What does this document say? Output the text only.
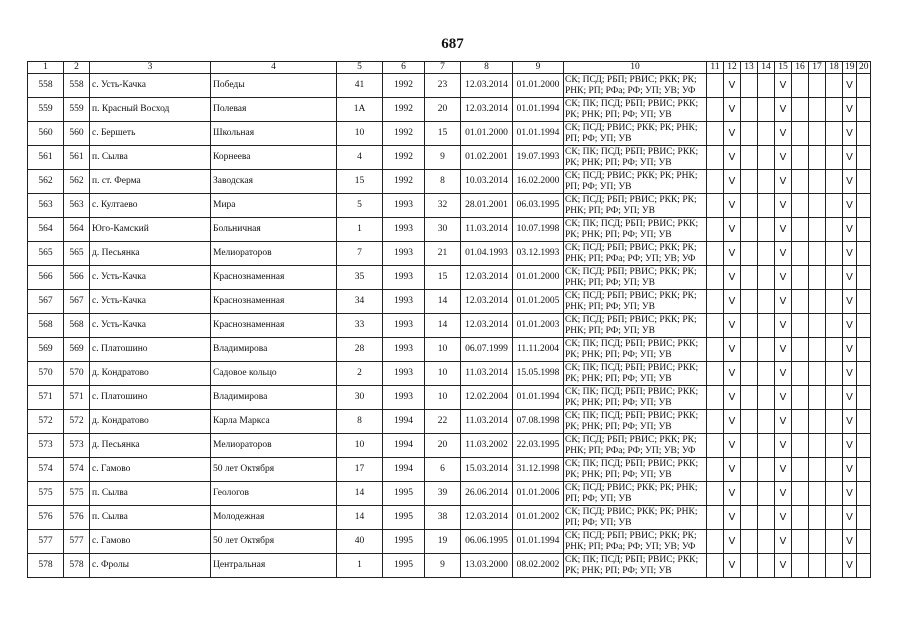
687
1	2	3	4	5	6	7	8	9	10	11	12	13	14	15	16	17	18	19	20
558	558	с. Усть-Качка	Победы	41	1992	23	12.03.2014	01.01.2000	СК; ПСД; РБП; РВИС; РКК; РК; РНК; РП; РФа; РФ; УП; УВ; УФ		V			V				V	
559	559	п. Красный Восход	Полевая	1А	1992	20	12.03.2014	01.01.1994	СК; ПК; ПСД; РБП; РВИС; РКК; РК; РНК; РП; РФ; УП; УВ		V			V				V	
560	560	с. Бершеть	Школьная	10	1992	15	01.01.2000	01.01.1994	СК; ПСД; РВИС; РКК; РК; РНК; РП; РФ; УП; УВ		V			V				V	
561	561	п. Сылва	Корнеева	4	1992	9	01.02.2001	19.07.1993	СК; ПК; ПСД; РБП; РВИС; РКК; РК; РНК; РП; РФ; УП; УВ		V			V				V	
562	562	п. ст. Ферма	Заводская	15	1992	8	10.03.2014	16.02.2000	СК; ПСД; РВИС; РКК; РК; РНК; РП; РФ; УП; УВ		V			V				V	
563	563	с. Култаево	Мира	5	1993	32	28.01.2001	06.03.1995	СК; ПСД; РБП; РВИС; РКК; РК; РНК; РП; РФ; УП; УВ		V			V				V	
564	564	Юго-Камский	Больничная	1	1993	30	11.03.2014	10.07.1998	СК; ПК; ПСД; РБП; РВИС; РКК; РК; РНК; РП; РФ; УП; УВ		V			V				V	
565	565	д. Песьянка	Мелиораторов	7	1993	21	01.04.1993	03.12.1993	СК; ПСД; РБП; РВИС; РКК; РК; РНК; РП; РФа; РФ; УП; УВ; УФ		V			V				V	
566	566	с. Усть-Качка	Краснознаменная	35	1993	15	12.03.2014	01.01.2000	СК; ПСД; РБП; РВИС; РКК; РК; РНК; РП; РФ; УП; УВ		V			V				V	
567	567	с. Усть-Качка	Краснознаменная	34	1993	14	12.03.2014	01.01.2005	СК; ПСД; РБП; РВИС; РКК; РК; РНК; РП; РФ; УП; УВ		V			V				V	
568	568	с. Усть-Качка	Краснознаменная	33	1993	14	12.03.2014	01.01.2003	СК; ПСД; РБП; РВИС; РКК; РК; РНК; РП; РФ; УП; УВ		V			V				V	
569	569	с. Платошино	Владимирова	28	1993	10	06.07.1999	11.11.2004	СК; ПК; ПСД; РБП; РВИС; РКК; РК; РНК; РП; РФ; УП; УВ		V			V				V	
570	570	д. Кондратово	Садовое кольцо	2	1993	10	11.03.2014	15.05.1998	СК; ПК; ПСД; РБП; РВИС; РКК; РК; РНК; РП; РФ; УП; УВ		V			V				V	
571	571	с. Платошино	Владимирова	30	1993	10	12.02.2004	01.01.1994	СК; ПК; ПСД; РБП; РВИС; РКК; РК; РНК; РП; РФ; УП; УВ		V			V				V	
572	572	д. Кондратово	Карла Маркса	8	1994	22	11.03.2014	07.08.1998	СК; ПК; ПСД; РБП; РВИС; РКК; РК; РНК; РП; РФ; УП; УВ		V			V				V	
573	573	д. Песьянка	Мелиораторов	10	1994	20	11.03.2002	22.03.1995	СК; ПСД; РБП; РВИС; РКК; РК; РНК; РП; РФа; РФ; УП; УВ; УФ		V			V				V	
574	574	с. Гамово	50 лет Октября	17	1994	6	15.03.2014	31.12.1998	СК; ПК; ПСД; РБП; РВИС; РКК; РК; РНК; РП; РФ; УП; УВ		V			V				V	
575	575	п. Сылва	Геологов	14	1995	39	26.06.2014	01.01.2006	СК; ПСД; РВИС; РКК; РК; РНК; РП; РФ; УП; УВ		V			V				V	
576	576	п. Сылва	Молодежная	14	1995	38	12.03.2014	01.01.2002	СК; ПСД; РВИС; РКК; РК; РНК; РП; РФ; УП; УВ		V			V				V	
577	577	с. Гамово	50 лет Октября	40	1995	19	06.06.1995	01.01.1994	СК; ПСД; РБП; РВИС; РКК; РК; РНК; РП; РФа; РФ; УП; УВ; УФ		V			V				V	
578	578	с. Фролы	Центральная	1	1995	9	13.03.2000	08.02.2002	СК; ПК; ПСД; РБП; РВИС; РКК; РК; РНК; РП; РФ; УП; УВ		V			V				V	
